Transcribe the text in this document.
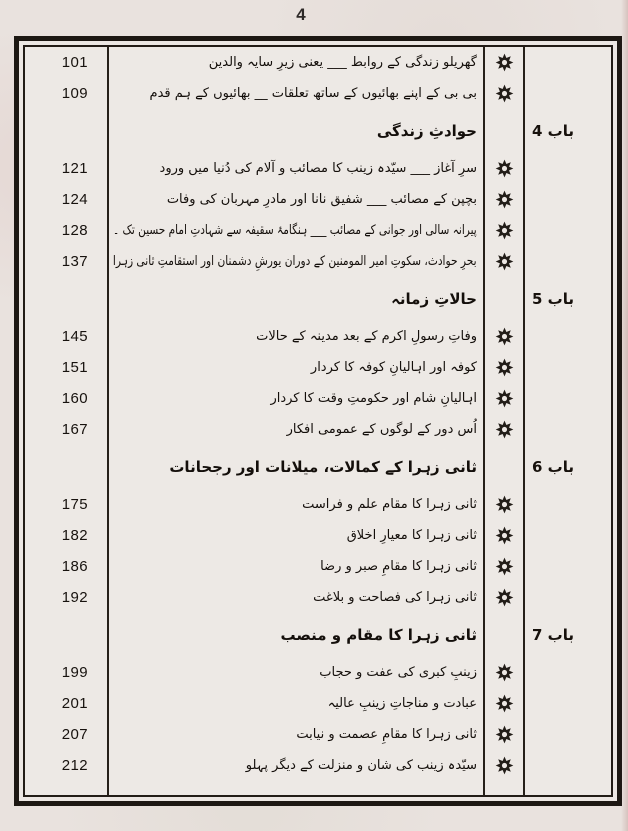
4
101	گھریلو زندگی کے روابط ___ یعنی زیرِ سایہ والدین
109	بی بی کے اپنے بھائیوں کے ساتھ تعلقات __ بھائیوں کے ہم قدم
حوادثِ زندگی	باب 4
121	سرِ آغاز ___ سیّدہ زینب کا مصائب و آلام کی دُنیا میں ورود
124	بچپن کے مصائب ___ شفیق نانا اور مادرِ مہربان کی وفات
128	پیرانہ سالی اور جوانی کے مصائب ___ ہنگامۂ سقیفہ سے شہادتِ امام حسین تک ۔
137	بحرِ حوادث، سکوتِ امیر المومنین کے دوران یورشِ دشمنان اور استقامتِ ثانی زہرا
حالاتِ زمانہ	باب 5
145	وفاتِ رسولِ اکرم کے بعد مدینہ کے حالات
151	کوفہ اور اہالیانِ کوفہ کا کردار
160	اہالیانِ شام اور حکومتِ وقت کا کردار
167	اُس دور کے لوگوں کے عمومی افکار
ثانی زہرا کے کمالات، میلانات اور رجحانات	باب 6
175	ثانی زہرا کا مقام علم و فراست
182	ثانی زہرا کا معیارِ اخلاق
186	ثانی زہرا کا مقامِ صبر و رضا
192	ثانی زہرا کی فصاحت و بلاغت
ثانی زہرا کا مقام و منصب	باب 7
199	زینبِ کبری کی عفت و حجاب
201	عبادت و مناجاتِ زینبِ عالیہ
207	ثانی زہرا کا مقامِ عصمت و نیابت
212	سیّدہ زینب کی شان و منزلت کے دیگر پہلو
